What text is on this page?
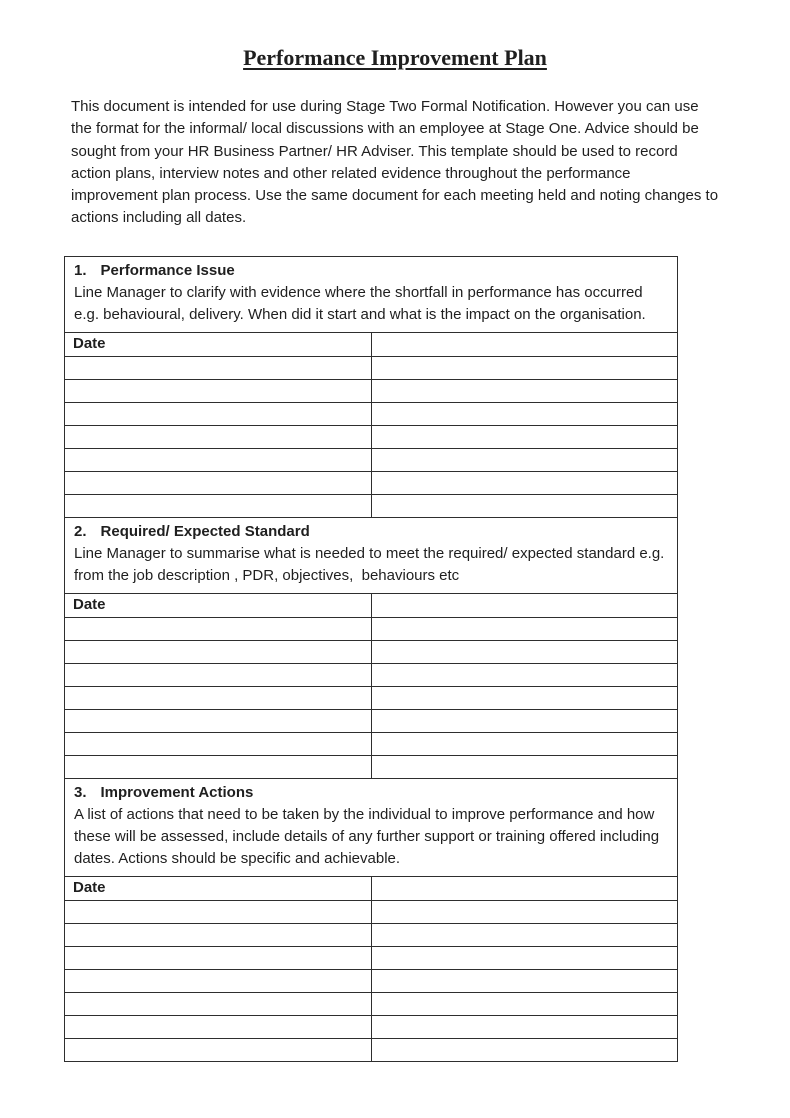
Performance Improvement Plan

This document is intended for use during Stage Two Formal Notification. However you can use the format for the informal/ local discussions with an employee at Stage One. Advice should be sought from your HR Business Partner/ HR Adviser. This template should be used to record action plans, interview notes and other related evidence throughout the performance improvement plan process. Use the same document for each meeting held and noting changes to actions including all dates.

1. Performance Issue
Line Manager to clarify with evidence where the shortfall in performance has occurred e.g. behavioural, delivery. When did it start and what is the impact on the organisation.	

Date	

2. Required/ Expected Standard
Line Manager to summarise what is needed to meet the required/ expected standard e.g. from the job description , PDR, objectives,  behaviours etc	

Date	

3. Improvement Actions
A list of actions that need to be taken by the individual to improve performance and how these will be assessed, include details of any further support or training offered including dates. Actions should be specific and achievable.	

Date	
